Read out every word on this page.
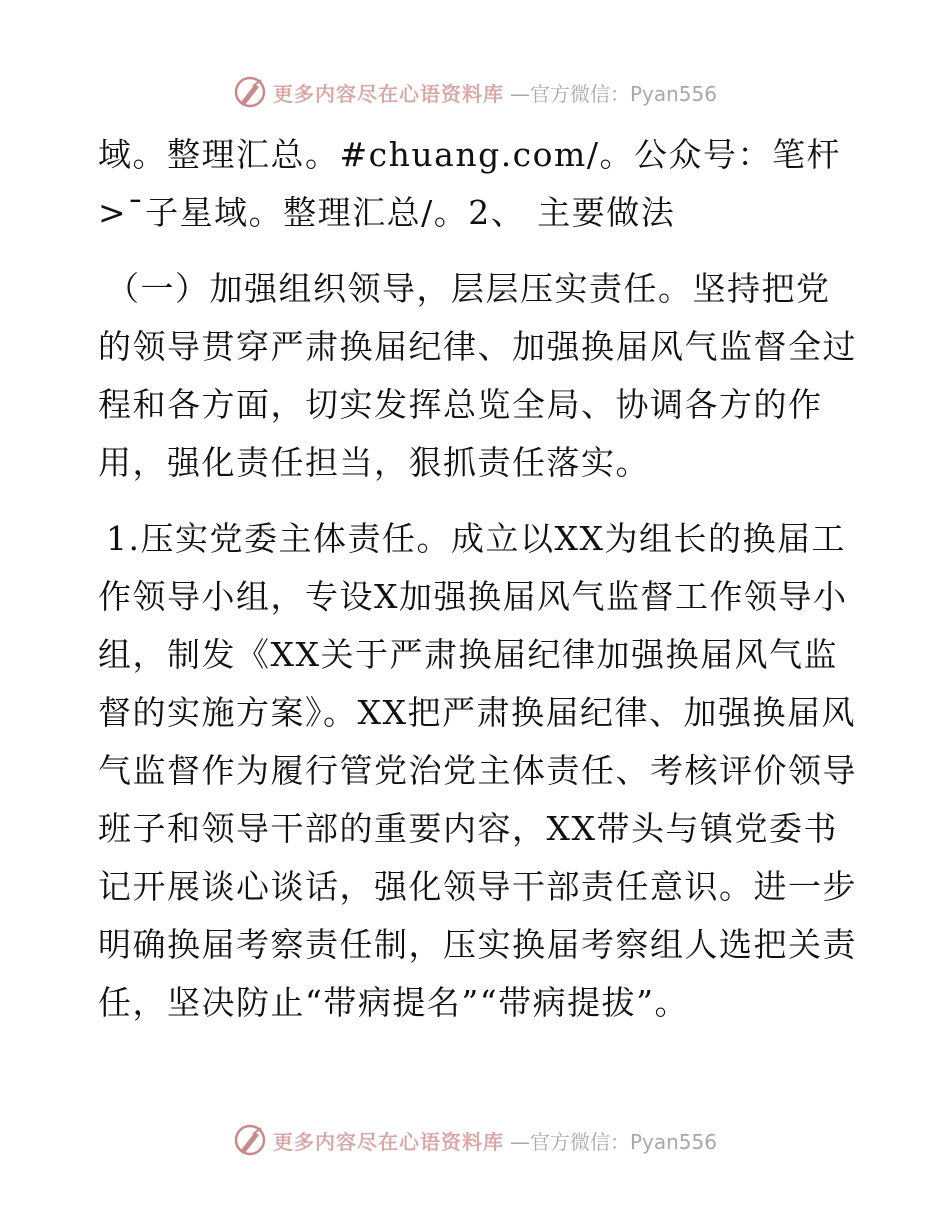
更多内容尽在心语资料库 —官方微信：Pyan556

域。整理汇总。#chuang.com/。公众号：笔杆>¯子星域。整理汇总/。2、 主要做法

（一）加强组织领导，层层压实责任。坚持把党的领导贯穿严肃换届纪律、加强换届风气监督全过程和各方面，切实发挥总览全局、协调各方的作用，强化责任担当，狠抓责任落实。

1.压实党委主体责任。成立以XX为组长的换届工作领导小组，专设X加强换届风气监督工作领导小组，制发《XX关于严肃换届纪律加强换届风气监督的实施方案》。XX把严肃换届纪律、加强换届风气监督作为履行管党治党主体责任、考核评价领导班子和领导干部的重要内容，XX带头与镇党委书记开展谈心谈话，强化领导干部责任意识。进一步明确换届考察责任制，压实换届考察组人选把关责任，坚决防止“带病提名”“带病提拔”。

更多内容尽在心语资料库 —官方微信：Pyan556
